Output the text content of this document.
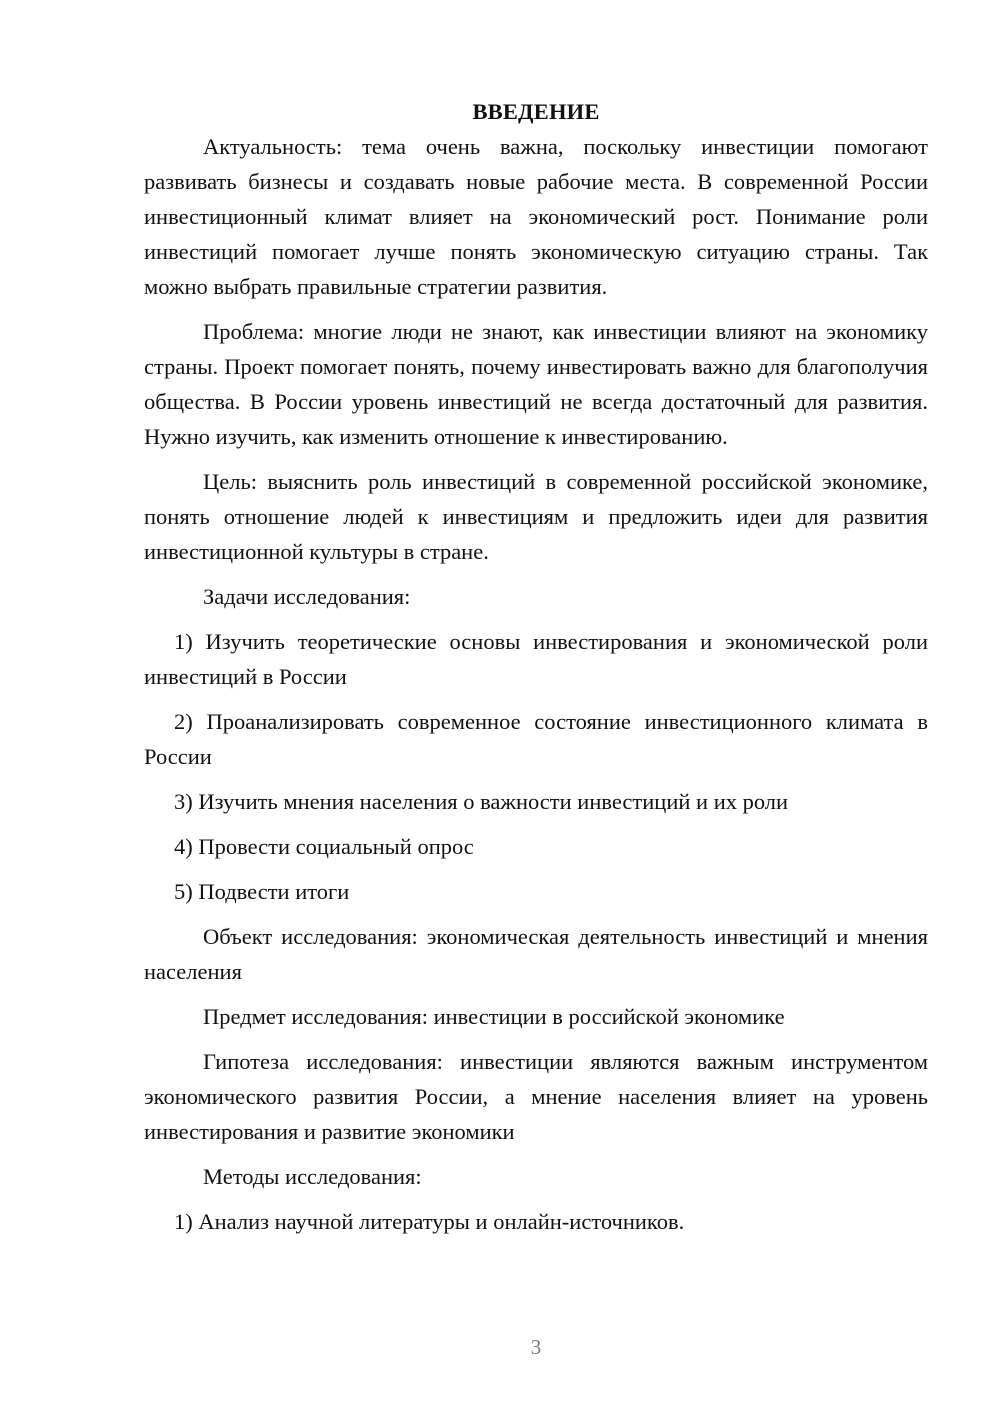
ВВЕДЕНИЕ

Актуальность: тема очень важна, поскольку инвестиции помогают развивать бизнесы и создавать новые рабочие места. В современной России инвестиционный климат влияет на экономический рост. Понимание роли инвестиций помогает лучше понять экономическую ситуацию страны. Так можно выбрать правильные стратегии развития.

Проблема: многие люди не знают, как инвестиции влияют на экономику страны. Проект помогает понять, почему инвестировать важно для благополучия общества. В России уровень инвестиций не всегда достаточный для развития. Нужно изучить, как изменить отношение к инвестированию.

Цель: выяснить роль инвестиций в современной российской экономике, понять отношение людей к инвестициям и предложить идеи для развития инвестиционной культуры в стране.

Задачи исследования:

1) Изучить теоретические основы инвестирования и экономической роли инвестиций в России

2) Проанализировать современное состояние инвестиционного климата в России

3) Изучить мнения населения о важности инвестиций и их роли

4) Провести социальный опрос

5) Подвести итоги

Объект исследования: экономическая деятельность инвестиций и мнения населения

Предмет исследования: инвестиции в российской экономике

Гипотеза исследования: инвестиции являются важным инструментом экономического развития России, а мнение населения влияет на уровень инвестирования и развитие экономики

Методы исследования:

1) Анализ научной литературы и онлайн-источников.

3
